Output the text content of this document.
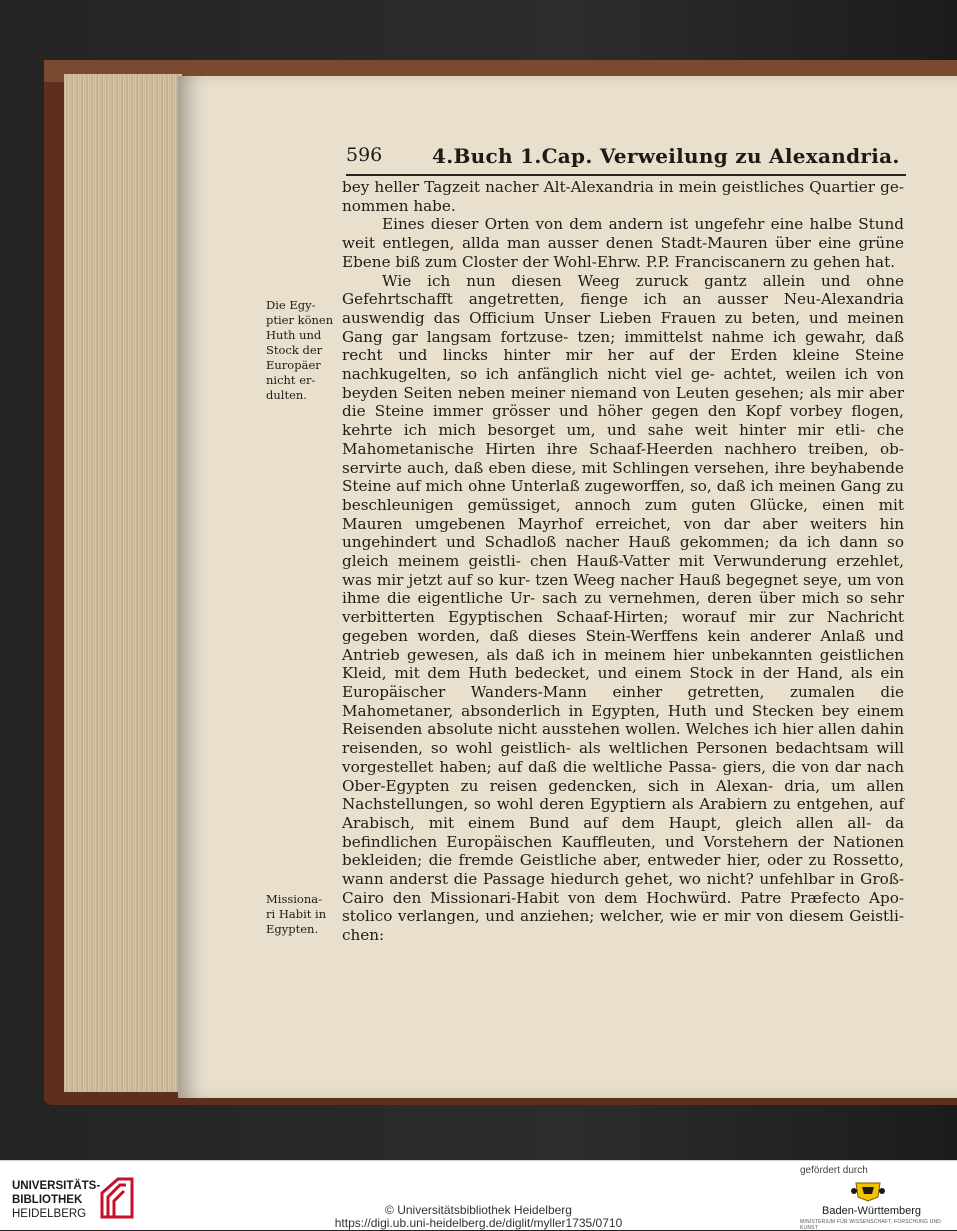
596 4.Buch 1.Cap. Verweilung zu Alexandria.

bey heller Tagzeit nacher Alt-Alexandria in mein geistliches Quartier ge- nommen habe.

Eines dieser Orten von dem andern ist ungefehr eine halbe Stund weit entlegen, allda man ausser denen Stadt-Mauren über eine grüne Ebene biß zum Closter der Wohl-Ehrw. P.P. Franciscanern zu gehen hat.

Wie ich nun diesen Weeg zuruck gantz allein und ohne Gefehrtschafft angetretten, fienge ich an ausser Neu-Alexandria auswendig das Officium Unser Lieben Frauen zu beten, und meinen Gang gar langsam fortzuse- tzen; immittelst nahme ich gewahr, daß recht und lincks hinter mir her auf der Erden kleine Steine nachkugelten, so ich anfänglich nicht viel ge- achtet, weilen ich von beyden Seiten neben meiner niemand von Leuten gesehen; als mir aber die Steine immer grösser und höher gegen den Kopf vorbey flogen, kehrte ich mich besorget um, und sahe weit hinter mir etli- che Mahometanische Hirten ihre Schaaf-Heerden nachhero treiben, ob- servirte auch, daß eben diese, mit Schlingen versehen, ihre beyhabende Steine auf mich ohne Unterlaß zugeworffen, so, daß ich meinen Gang zu beschleunigen gemüssiget, annoch zum guten Glücke, einen mit Mauren umgebenen Mayrhof erreichet, von dar aber weiters hin ungehindert und Schadloß nacher Hauß gekommen; da ich dann so gleich meinem geistli- chen Hauß-Vatter mit Verwunderung erzehlet, was mir jetzt auf so kur- tzen Weeg nacher Hauß begegnet seye, um von ihme die eigentliche Ur- sach zu vernehmen, deren über mich so sehr verbitterten Egyptischen Schaaf-Hirten; worauf mir zur Nachricht gegeben worden, daß dieses Stein-Werffens kein anderer Anlaß und Antrieb gewesen, als daß ich in meinem hier unbekannten geistlichen Kleid, mit dem Huth bedecket, und einem Stock in der Hand, als ein Europäischer Wanders-Mann einher getretten, zumalen die Mahometaner, absonderlich in Egypten, Huth und Stecken bey einem Reisenden absolute nicht ausstehen wollen. Welches ich hier allen dahin reisenden, so wohl geistlich- als weltlichen Personen bedachtsam will vorgestellet haben; auf daß die weltliche Passa- giers, die von dar nach Ober-Egypten zu reisen gedencken, sich in Alexan- dria, um allen Nachstellungen, so wohl deren Egyptiern als Arabiern zu entgehen, auf Arabisch, mit einem Bund auf dem Haupt, gleich allen all- da befindlichen Europäischen Kauffleuten, und Vorstehern der Nationen bekleiden; die fremde Geistliche aber, entweder hier, oder zu Rossetto, wann anderst die Passage hiedurch gehet, wo nicht? unfehlbar in Groß- Cairo den Missionari-Habit von dem Hochwürd. Patre Præfecto Apo- stolico verlangen, und anziehen; welcher, wie er mir von diesem Geistli- chen:

Die Egy-
ptier könen
Huth und
Stock der
Europäer
nicht er-
dulten.
Missiona-
ri Habit in
Egypten.
UNIVERSITÄTS-
BIBLIOTHEK
HEIDELBERG	© Universitätsbibliothek Heidelberg
https://digi.ub.uni-heidelberg.de/diglit/myller1735/0710
gefördert durch
Baden-Württemberg
MINISTERIUM FÜR WISSENSCHAFT, FORSCHUNG UND KUNST
